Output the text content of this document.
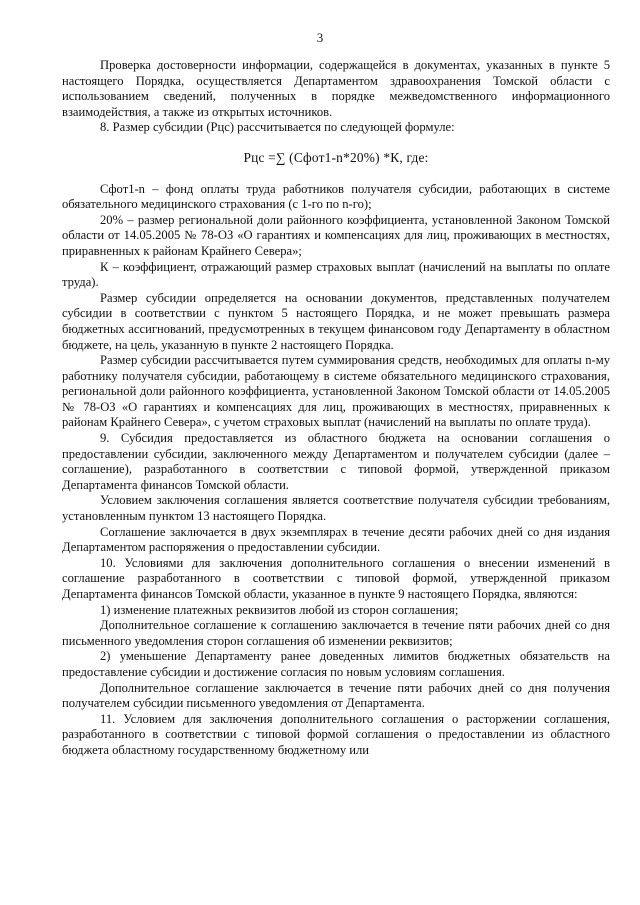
3

Проверка достоверности информации, содержащейся в документах, указанных в пункте 5 настоящего Порядка, осуществляется Департаментом здравоохранения Томской области с использованием сведений, полученных в порядке межведомственного информационного взаимодействия, а также из открытых источников.

8. Размер субсидии (Рцс) рассчитывается по следующей формуле:

Рцс =∑ (Сфот1-n*20%) *К, где:

Сфот1-n – фонд оплаты труда работников получателя субсидии, работающих в системе обязательного медицинского страхования (с 1-го по n-го);

20% – размер региональной доли районного коэффициента, установленной Законом Томской области от 14.05.2005 № 78-ОЗ «О гарантиях и компенсациях для лиц, проживающих в местностях, приравненных к районам Крайнего Севера»;

К – коэффициент, отражающий размер страховых выплат (начислений на выплаты по оплате труда).

Размер субсидии определяется на основании документов, представленных получателем субсидии в соответствии с пунктом 5 настоящего Порядка, и не может превышать размера бюджетных ассигнований, предусмотренных в текущем финансовом году Департаменту в областном бюджете, на цель, указанную в пункте 2 настоящего Порядка.

Размер субсидии рассчитывается путем суммирования средств, необходимых для оплаты n-му работнику получателя субсидии, работающему в системе обязательного медицинского страхования, региональной доли районного коэффициента, установленной Законом Томской области от 14.05.2005 № 78-ОЗ «О гарантиях и компенсациях для лиц, проживающих в местностях, приравненных к районам Крайнего Севера», с учетом страховых выплат (начислений на выплаты по оплате труда).

9. Субсидия предоставляется из областного бюджета на основании соглашения о предоставлении субсидии, заключенного между Департаментом и получателем субсидии (далее – соглашение), разработанного в соответствии с типовой формой, утвержденной приказом Департамента финансов Томской области.

Условием заключения соглашения является соответствие получателя субсидии требованиям, установленным пунктом 13 настоящего Порядка.

Соглашение заключается в двух экземплярах в течение десяти рабочих дней со дня издания Департаментом распоряжения о предоставлении субсидии.

10. Условиями для заключения дополнительного соглашения о внесении изменений в соглашение разработанного в соответствии с типовой формой, утвержденной приказом Департамента финансов Томской области, указанное в пункте 9 настоящего Порядка, являются:

1) изменение платежных реквизитов любой из сторон соглашения;

Дополнительное соглашение к соглашению заключается в течение пяти рабочих дней со дня письменного уведомления сторон соглашения об изменении реквизитов;

2) уменьшение Департаменту ранее доведенных лимитов бюджетных обязательств на предоставление субсидии и достижение согласия по новым условиям соглашения.

Дополнительное соглашение заключается в течение пяти рабочих дней со дня получения получателем субсидии письменного уведомления от Департамента.

11. Условием для заключения дополнительного соглашения о расторжении соглашения, разработанного в соответствии с типовой формой соглашения о предоставлении из областного бюджета областному государственному бюджетному или
